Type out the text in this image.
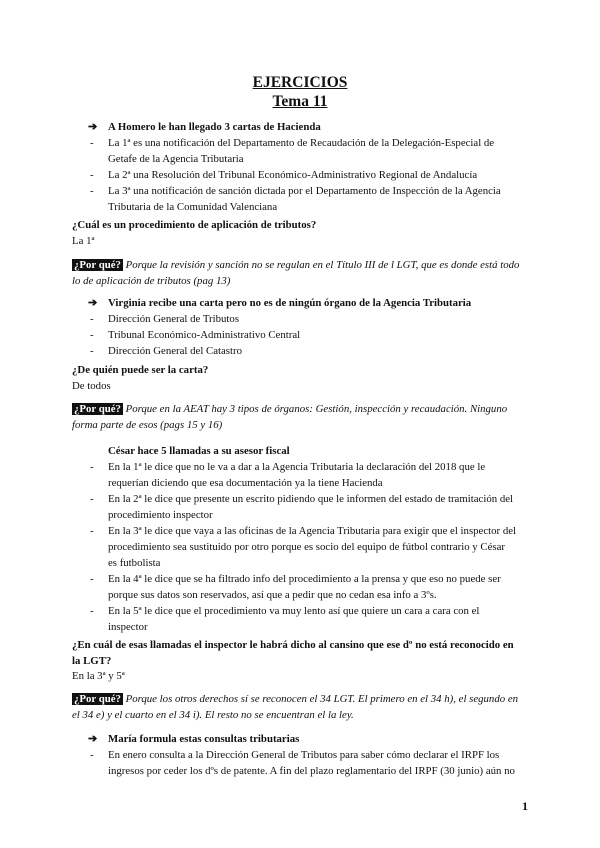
EJERCICIOS
Tema 11
➔ A Homero le han llegado 3 cartas de Hacienda
- La 1ª es una notificación del Departamento de Recaudación de la Delegación-Especial de
Getafe de la Agencia Tributaria
- La 2ª una Resolución del Tribunal Económico-Administrativo Regional de Andalucía
- La 3ª una notificación de sanción dictada por el Departamento de Inspección de la Agencia
Tributaria de la Comunidad Valenciana
¿Cuál es un procedimiento de aplicación de tributos?
La 1ª
¿Por qué? Porque la revisión y sanción no se regulan en el Título III de l LGT, que es donde está todo
lo de aplicación de tributos (pag 13)
➔ Virginia recibe una carta pero no es de ningún órgano de la Agencia Tributaria
- Dirección General de Tributos
- Tribunal Económico-Administrativo Central
- Dirección General del Catastro
¿De quién puede ser la carta?
De todos
¿Por qué? Porque en la AEAT hay 3 tipos de órganos: Gestión, inspección y recaudación. Ninguno
forma parte de esos (pags 15 y 16)
César hace 5 llamadas a su asesor fiscal
- En la 1ª le dice que no le va a dar a la Agencia Tributaria la declaración del 2018 que le
requerían diciendo que esa documentación ya la tiene Hacienda
- En la 2ª le dice que presente un escrito pidiendo que le informen del estado de tramitación del
procedimiento inspector
- En la 3ª le dice que vaya a las oficinas de la Agencia Tributaria para exigir que el inspector del
procedimiento sea sustituido por otro porque es socio del equipo de fútbol contrario y César
es futbolista
- En la 4ª le dice que se ha filtrado info del procedimiento a la prensa y que eso no puede ser
porque sus datos son reservados, así que a pedir que no cedan esa info a 3ºs.
- En la 5ª le dice que el procedimiento va muy lento así que quiere un cara a cara con el
inspector
¿En cuál de esas llamadas el inspector le habrá dicho al cansino que ese dº no está reconocido en
la LGT?
En la 3ª y 5ª
¿Por qué? Porque los otros derechos sí se reconocen el 34 LGT. El primero en el 34 h), el segundo en
el 34 e) y el cuarto en el 34 i). El resto no se encuentran el la ley.
➔ María formula estas consultas tributarias
- En enero consulta a la Dirección General de Tributos para saber cómo declarar el IRPF los
ingresos por ceder los dºs de patente. A fin del plazo reglamentario del IRPF (30 junio) aún no
1
